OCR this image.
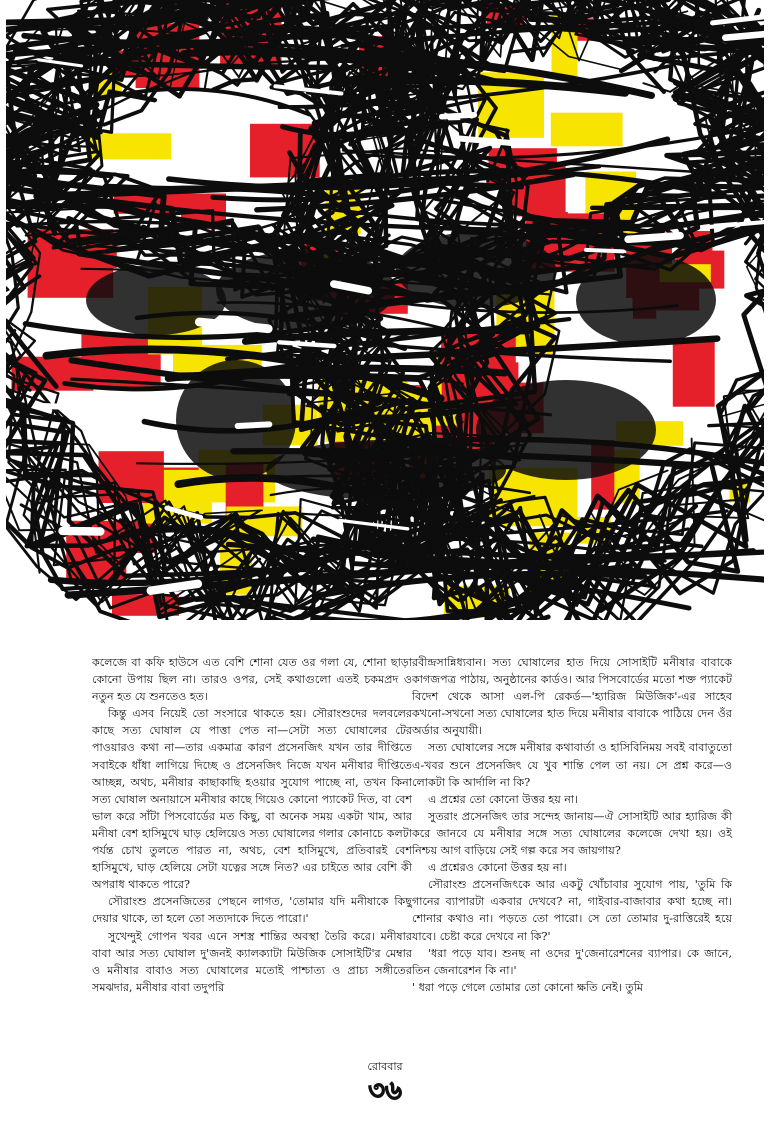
কলেজে বা কফি হাউসে এত বেশি শোনা যেত ওর গলা যে, শোনা ছাড়া কোনো উপায় ছিল না। তারও ওপর, সেই কথাগুলো এতই চকমপ্রদ ও নতুন হত যে শুনতেও হত।

কিন্তু এসব নিয়েই তো সংসারে থাকতে হয়। সৌরাংশুদের দলবলের কাছে সত্য ঘোষাল যে পাত্তা পেত না—সেটা সত্য ঘোষালের টের পাওয়ারও কথা না—তার একমাত্র কারণ প্রসেনজিৎ যখন তার দীপ্তিতে সবাইকে ধাঁধা লাগিয়ে দিচ্ছে ও প্রসেনজিৎ নিজে যখন মনীষার দীপ্তিতে আচ্ছন্ন, অথচ, মনীষার কাছাকাছি হওয়ার সুযোগ পাচ্ছে না, তখন কিনা সত্য ঘোষাল অনায়াসে মনীষার কাছে গিয়েও কোনো প্যাকেট দিত, বা বেশ ভাল করে সাঁটা পিসবোর্ডের মত কিছু, বা অনেক সময় একটা খাম, আর মনীষা বেশ হাসিমুখে ঘাড় হেলিয়েও সত্য ঘোষালের গলার কোনাচে কলটা পর্যন্ত চোখ তুলতে পারত না, অথচ, বেশ হাসিমুখে, প্রতিবারই বেশ হাসিমুখে, ঘাড় হেলিয়ে সেটা যত্নের সঙ্গে নিত? এর চাইতে আর বেশি কী অপরাধ থাকতে পারে?

সৌরাংশু প্রসেনজিতের পেছনে লাগত, 'তোমার যদি মনীষাকে কিছু দেয়ার থাকে, তা হলে তো সত্যদাকে দিতে পারো।'

সুখেন্দুই গোপন খবর এনে সশস্ত্র শান্তির অবস্থা তৈরি করে। মনীষার বাবা আর সত্য ঘোষাল দু'জনই ক্যালক্যাটা মিউজিক সোসাইটি'র মেম্বার ও মনীষার বাবাও সত্য ঘোষালের মতোই পাশ্চাত্য ও প্রাচ্য সঙ্গীতের সমঝদার, মনীষার বাবা তদুপরি

রবীন্দ্রসান্নিধ্যবান। সত্য ঘোষালের হাত দিয়ে সোসাইটি মনীষার বাবাকে কাগজপত্র পাঠায়, অনুষ্ঠানের কার্ডও। আর পিসবোর্ডের মতো শক্ত প্যাকেট বিদেশ থেকে আসা এল-পি রেকর্ড—'হ্যারিজ মিউজিক'-এর সাহেব কখনো-সখনো সত্য ঘোষালের হাত দিয়ে মনীষার বাবাকে পাঠিয়ে দেন ওঁর অর্ডার অনুযায়ী।

সত্য ঘোষালের সঙ্গে মনীষার কথাবার্তা ও হাসিবিনিময় সবই বাবাতুতো এ-খবর শুনে প্রসেনজিৎ যে খুব শান্তি পেল তা নয়। সে প্রশ্ন করে—ও লোকটা কি আর্দালি না কি?

এ প্রশ্নের তো কোনো উত্তর হয় না।

সুতরাং প্রসেনজিৎ তার সন্দেহ জানায়—ঐ সোসাইটি আর হ্যারিজ কী করে জানবে যে মনীষার সঙ্গে সত্য ঘোষালের কলেজে দেখা হয়। ওই নিশ্চয় আগ বাড়িয়ে সেই গল্প করে সব জায়গায়?

এ প্রশ্নেরও কোনো উত্তর হয় না।

সৌরাংশু প্রসেনজিৎকে আর একটু খোঁচাবার সুযোগ পায়, 'তুমি কি গানের ব্যাপারটা একবার দেখবে? না, গাইবার-বাজাবার কথা হচ্ছে না। শোনার কথাও না। পড়তে তো পারো। সে তো তোমার দু-রাত্তিরেই হয়ে যাবে। চেষ্টা করে দেখবে না কি?'

'ধরা পড়ে যাব। শুনছ না ওদের দু'জেনারেশনের ব্যাপার। কে জানে, তিন জেনারেশন কি না।'

' ধরা পড়ে গেলে তোমার তো কোনো ক্ষতি নেই। তুমি

রোববার
৩৬
